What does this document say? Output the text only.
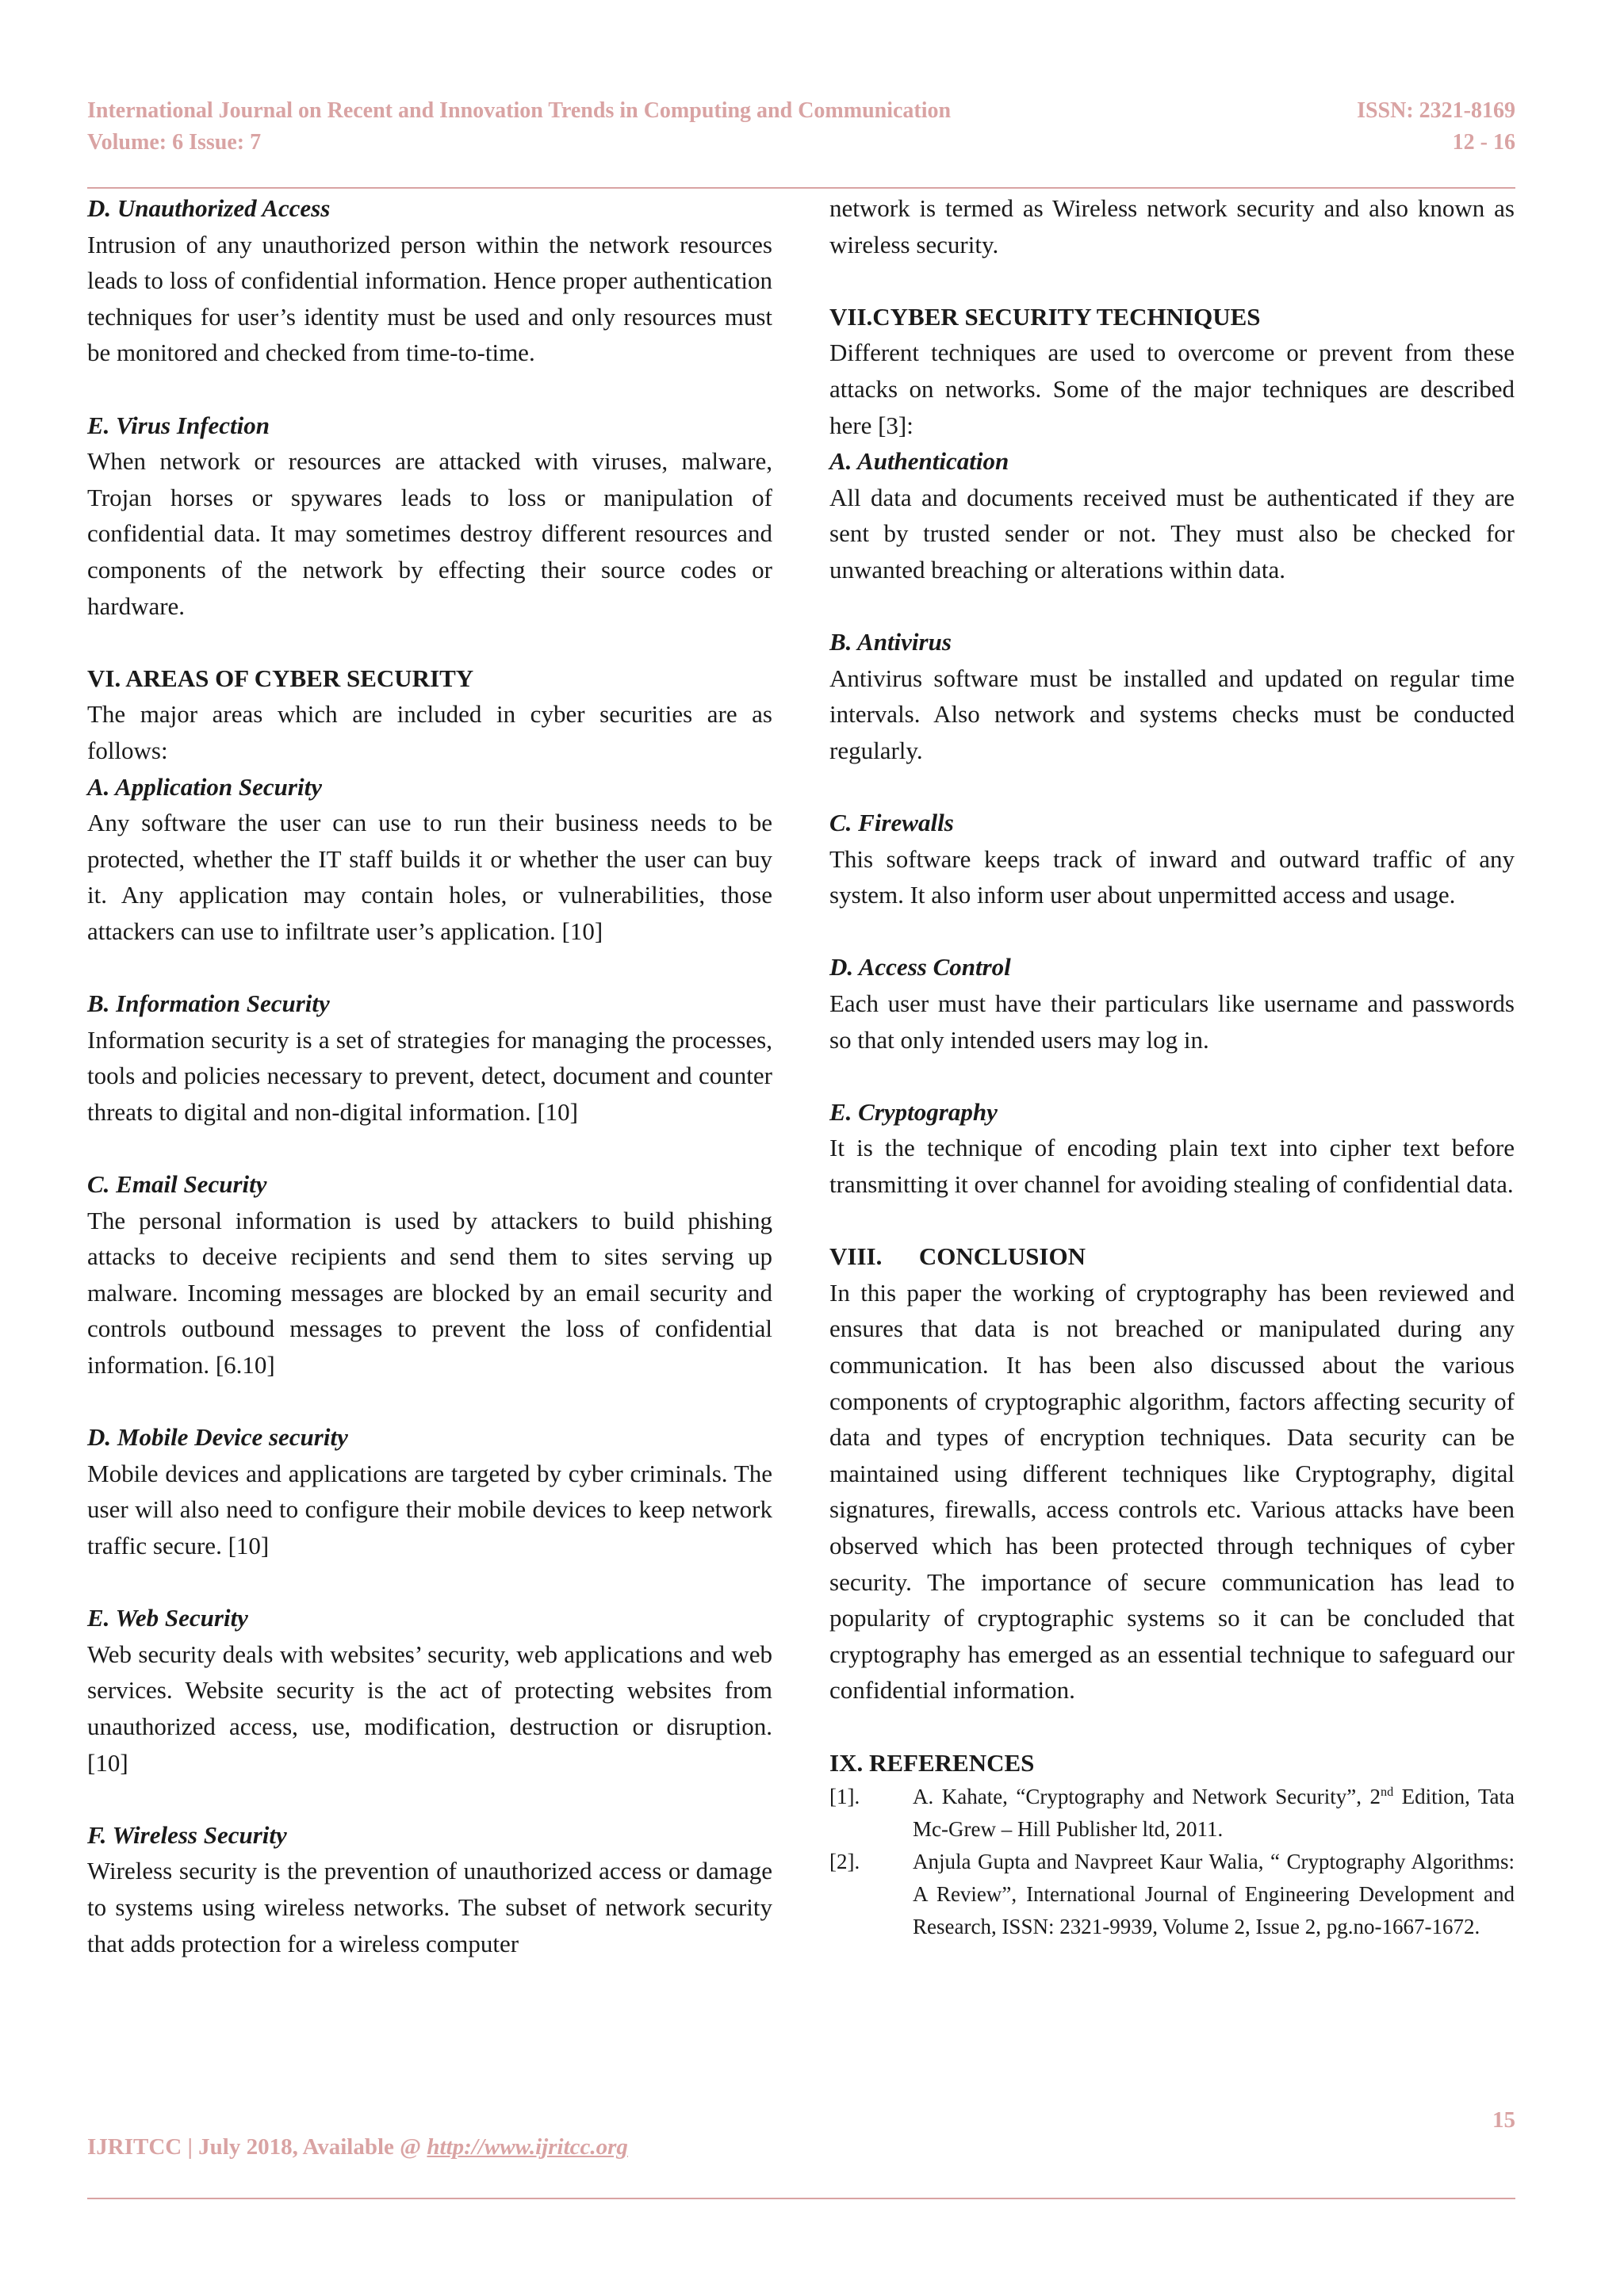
International Journal on Recent and Innovation Trends in Computing and Communication
Volume: 6 Issue: 7
ISSN: 2321-8169
12 - 16

D. Unauthorized Access

Intrusion of any unauthorized person within the network resources leads to loss of confidential information. Hence proper authentication techniques for user’s identity must be used and only resources must be monitored and checked from time-to-time.

E. Virus Infection

When network or resources are attacked with viruses, malware, Trojan horses or spywares leads to loss or manipulation of confidential data. It may sometimes destroy different resources and components of the network by effecting their source codes or hardware.

VI. AREAS OF CYBER SECURITY

The major areas which are included in cyber securities are as follows:

A. Application Security

Any software the user can use to run their business needs to be protected, whether the IT staff builds it or whether the user can buy it. Any application may contain holes, or vulnerabilities, those attackers can use to infiltrate user’s application. [10]

B. Information Security

Information security is a set of strategies for managing the processes, tools and policies necessary to prevent, detect, document and counter threats to digital and non-digital information. [10]

C. Email Security

The personal information is used by attackers to build phishing attacks to deceive recipients and send them to sites serving up malware. Incoming messages are blocked by an email security and controls outbound messages to prevent the loss of confidential information. [6.10]

D. Mobile Device security

Mobile devices and applications are targeted by cyber criminals. The user will also need to configure their mobile devices to keep network traffic secure. [10]

E. Web Security

Web security deals with websites’ security, web applications and web services. Website security is the act of protecting websites from unauthorized access, use, modification, destruction or disruption. [10]

F. Wireless Security

Wireless security is the prevention of unauthorized access or damage to systems using wireless networks. The subset of network security that adds protection for a wireless computer

network is termed as Wireless network security and also known as wireless security.

VII.CYBER SECURITY TECHNIQUES

Different techniques are used to overcome or prevent from these attacks on networks. Some of the major techniques are described here [3]:

A. Authentication

All data and documents received must be authenticated if they are sent by trusted sender or not. They must also be checked for unwanted breaching or alterations within data.

B. Antivirus

Antivirus software must be installed and updated on regular time intervals. Also network and systems checks must be conducted regularly.

C. Firewalls

This software keeps track of inward and outward traffic of any system. It also inform user about unpermitted access and usage.

D. Access Control

Each user must have their particulars like username and passwords so that only intended users may log in.

E. Cryptography

It is the technique of encoding plain text into cipher text before transmitting it over channel for avoiding stealing of confidential data.

VIII.      CONCLUSION

In this paper the working of cryptography has been reviewed and ensures that data is not breached or manipulated during any communication. It has been also discussed about the various components of cryptographic algorithm, factors affecting security of data and types of encryption techniques. Data security can be maintained using different techniques like Cryptography, digital signatures, firewalls, access controls etc. Various attacks have been observed which has been protected through techniques of cyber security. The importance of secure communication has lead to popularity of cryptographic systems so it can be concluded that cryptography has emerged as an essential technique to safeguard our confidential information.

IX. REFERENCES

[1].	A. Kahate, “Cryptography and Network Security”, 2nd Edition, Tata Mc-Grew – Hill Publisher ltd, 2011.
[2].	Anjula Gupta and Navpreet Kaur Walia, “ Cryptography Algorithms: A Review”, International Journal of Engineering Development and Research, ISSN: 2321-9939, Volume 2, Issue 2, pg.no-1667-1672.
15
IJRITCC | July 2018, Available @ http://www.ijritcc.org
